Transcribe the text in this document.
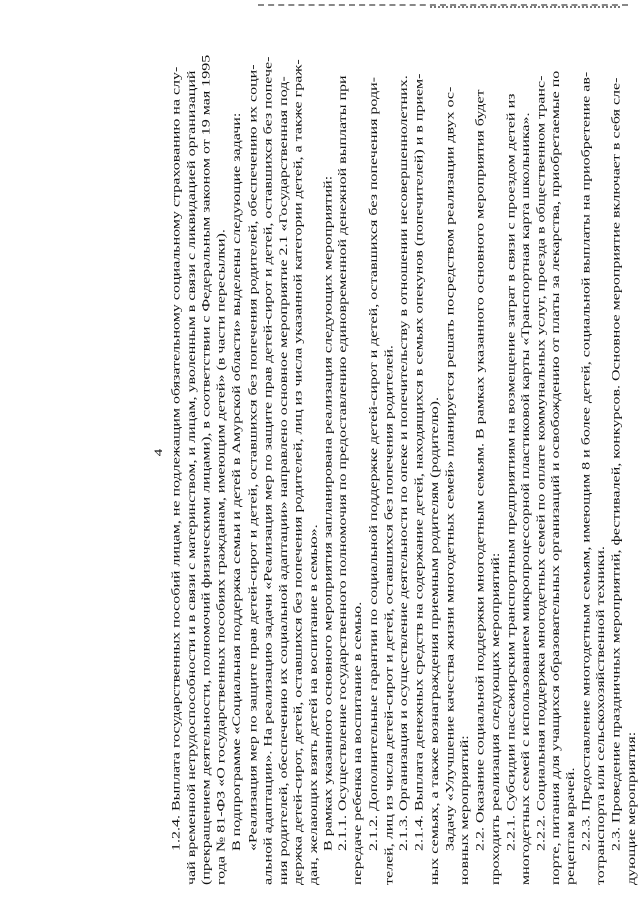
4 1.2.4. Выплата государственных пособий лицам, не подлежащим обязательному социальному страхованию на слу- чай временной нетрудоспособности и в связи с материнством, и лицам, уволенным в связи с ликвидацией организаций (прекращением деятельности, полномочий физическими лицами), в соответствии с Федеральным законом от 19 мая 1995 года № 81-ФЗ «О государственных пособиях гражданам, имеющим детей» (в части пересылки). В подпрограмме «Социальная поддержка семьи и детей в Амурской области» выделены следующие задачи: «Реализация мер по защите прав детей-сирот и детей, оставшихся без попечения родителей, обеспечению их соци- альной адаптации». На реализацию задачи «Реализация мер по защите прав детей-сирот и детей, оставшихся без попече- ния родителей, обеспечению их социальной адаптации» направлено основное мероприятие 2.1 «Государственная под- держка детей-сирот, детей, оставшихся без попечения родителей, лиц из числа указанной категории детей, а также граж- дан, желающих взять детей на воспитание в семью». В рамках указанного основного мероприятия запланирована реализация следующих мероприятий: 2.1.1. Осуществление государственного полномочия по предоставлению единовременной денежной выплаты при передаче ребенка на воспитание в семью. 2.1.2. Дополнительные гарантии по социальной поддержке детей-сирот и детей, оставшихся без попечения роди- телей, лиц из числа детей-сирот и детей, оставшихся без попечения родителей. 2.1.3. Организация и осуществление деятельности по опеке и попечительству в отношении несовершеннолетних. 2.1.4. Выплата денежных средств на содержание детей, находящихся в семьях опекунов (попечителей) и в прием- ных семьях, а также вознаграждения приемным родителям (родителю). Задачу «Улучшение качества жизни многодетных семей» планируется решать посредством реализации двух ос- новных мероприятий: 2.2. Оказание социальной поддержки многодетным семьям. В рамках указанного основного мероприятия будет проходить реализация следующих мероприятий: 2.2.1. Субсидии пассажирским транспортным предприятиям на возмещение затрат в связи с проездом детей из многодетных семей с использованием микропроцессорной пластиковой карты «Транспортная карта школьника». 2.2.2. Социальная поддержка многодетных семей по оплате коммунальных услуг, проезда в общественном транс- порте, питания для учащихся образовательных организаций и освобождению от платы за лекарства, приобретаемые по рецептам врачей. 2.2.3. Предоставление многодетным семьям, имеющим 8 и более детей, социальной выплаты на приобретение ав- тотранспорта или сельскохозяйственной техники. 2.3. Проведение праздничных мероприятий, фестивалей, конкурсов. Основное мероприятие включает в себя сле- дующие мероприятия:
